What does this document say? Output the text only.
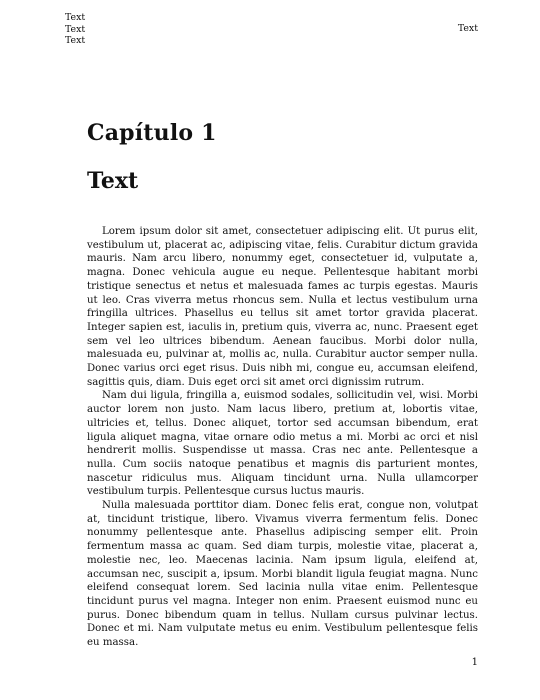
Text
Text
Text
Text
Capítulo 1
Text

Lorem ipsum dolor sit amet, consectetuer adipiscing elit. Ut purus elit, vestibulum ut, placerat ac, adipiscing vitae, felis. Curabitur dictum gravida mauris. Nam arcu libero, nonummy eget, consectetuer id, vulputate a, magna. Donec vehicula augue eu neque. Pellentesque habitant morbi tristique senectus et netus et malesuada fames ac turpis egestas. Mauris ut leo. Cras viverra metus rhoncus sem. Nulla et lectus vestibulum urna fringilla ultrices. Phasellus eu tellus sit amet tortor gravida placerat. Integer sapien est, iaculis in, pretium quis, viverra ac, nunc. Praesent eget sem vel leo ultrices bibendum. Aenean faucibus. Morbi dolor nulla, malesuada eu, pulvinar at, mollis ac, nulla. Curabitur auctor semper nulla. Donec varius orci eget risus. Duis nibh mi, congue eu, accumsan eleifend, sagittis quis, diam. Duis eget orci sit amet orci dignissim rutrum.

Nam dui ligula, fringilla a, euismod sodales, sollicitudin vel, wisi. Morbi auctor lorem non justo. Nam lacus libero, pretium at, lobortis vitae, ultricies et, tellus. Donec aliquet, tortor sed accumsan bibendum, erat ligula aliquet magna, vitae ornare odio metus a mi. Morbi ac orci et nisl hendrerit mollis. Suspendisse ut massa. Cras nec ante. Pellentesque a nulla. Cum sociis natoque penatibus et magnis dis parturient montes, nascetur ridiculus mus. Aliquam tincidunt urna. Nulla ullamcorper vestibulum turpis. Pellentesque cursus luctus mauris.

Nulla malesuada porttitor diam. Donec felis erat, congue non, volutpat at, tincidunt tristique, libero. Vivamus viverra fermentum felis. Donec nonummy pellentesque ante. Phasellus adipiscing semper elit. Proin fermentum massa ac quam. Sed diam turpis, molestie vitae, placerat a, molestie nec, leo. Maecenas lacinia. Nam ipsum ligula, eleifend at, accumsan nec, suscipit a, ipsum. Morbi blandit ligula feugiat magna. Nunc eleifend consequat lorem. Sed lacinia nulla vitae enim. Pellentesque tincidunt purus vel magna. Integer non enim. Praesent euismod nunc eu purus. Donec bibendum quam in tellus. Nullam cursus pulvinar lectus. Donec et mi. Nam vulputate metus eu enim. Vestibulum pellentesque felis eu massa.

1
